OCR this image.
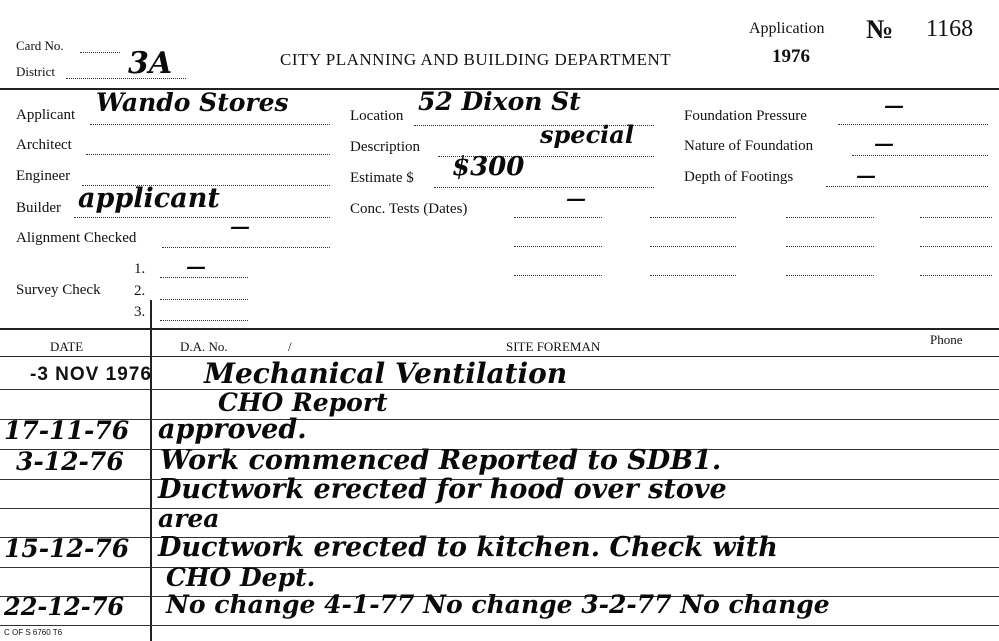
Card No.
District 3A	CITY PLANNING AND BUILDING DEPARTMENT
Application
1976
№ 1168
Applicant Wando Stores
Architect
Engineer
Builder applicant
Alignment Checked	—
1. —
Survey Check 2.
3.
Location 52 Dixon St
Description	special
Estimate $ $300
Conc. Tests (Dates)	—
Foundation Pressure	—
Nature of Foundation	—
Depth of Footings	—
DATE	D.A. No.	/	SITE FOREMAN	Phone
-3 NOV 1976 Mechanical Ventilation
CHO Report
17-11-76 approved.
3-12-76 Work commenced Reported to SDB1.
Ductwork erected for hood over stove
area
15-12-76 Ductwork erected to kitchen. Check with
CHO Dept.
22-12-76 No change 4-1-77 No change 3-2-77 No change
C OF S 6760 T6
